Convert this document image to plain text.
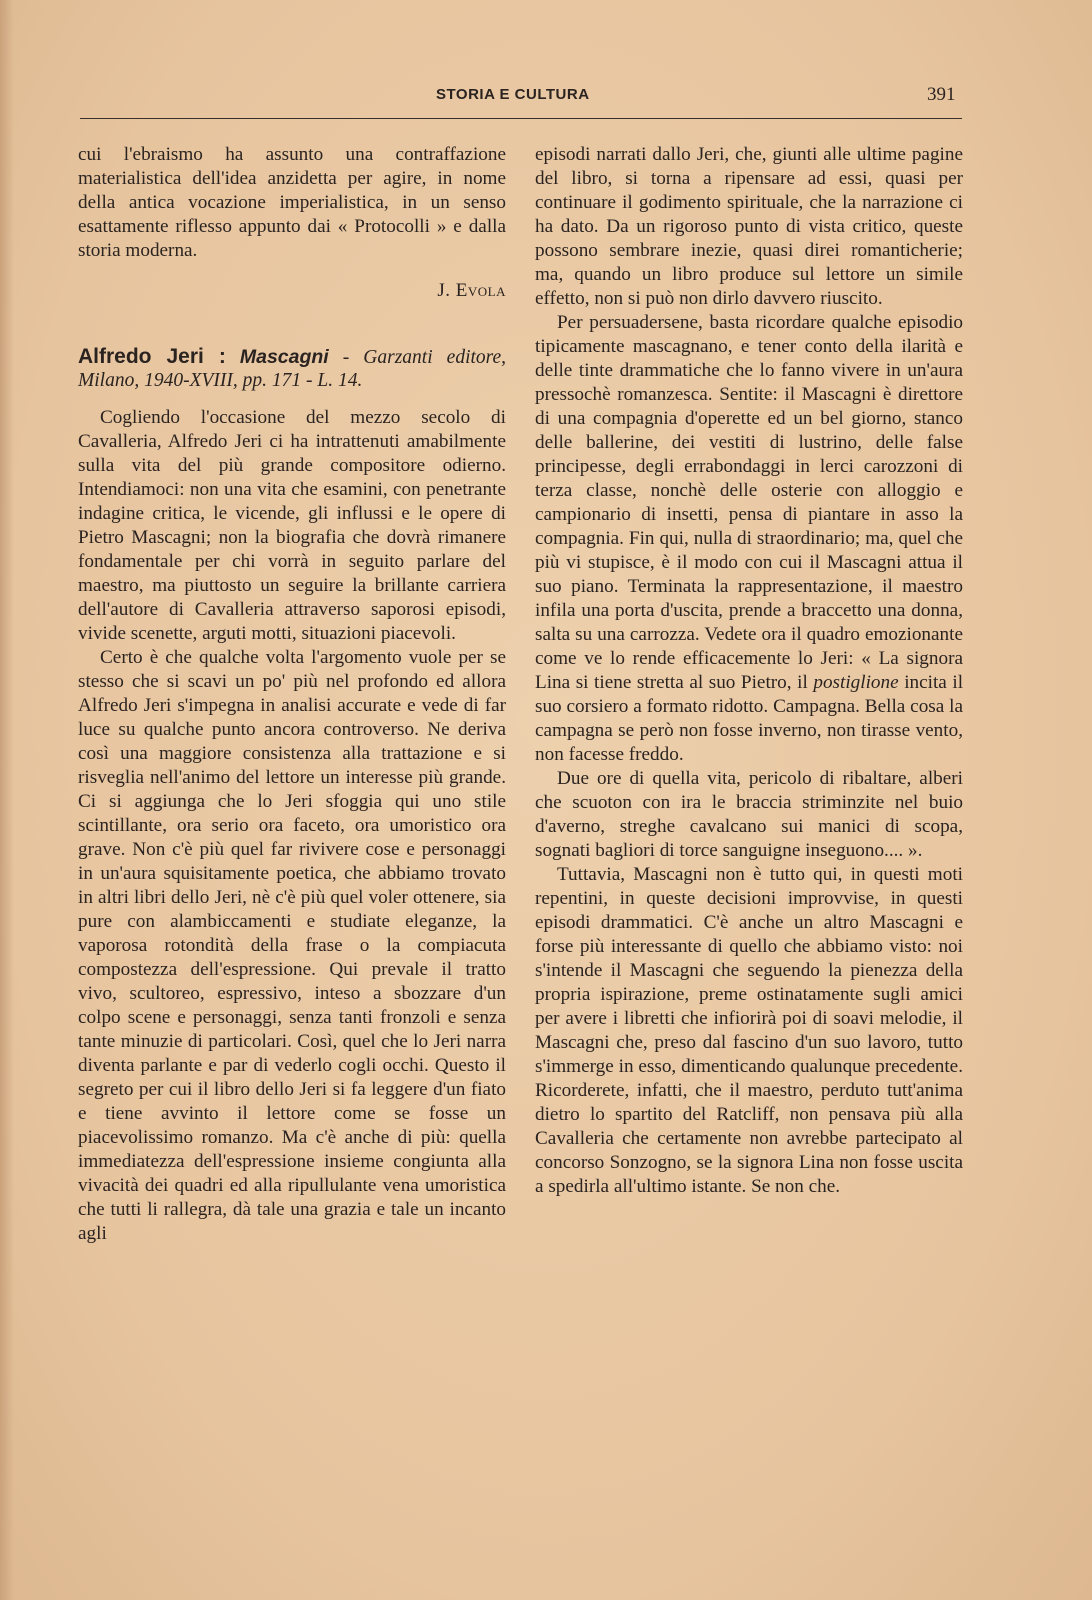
STORIA E CULTURA	391

cui l'ebraismo ha assunto una contraffazione materialistica dell'idea anzidetta per agire, in nome della antica vocazione imperialistica, in un senso esattamente riflesso appunto dai « Protocolli » e dalla storia moderna.

J. Evola

Alfredo Jeri : Mascagni - Garzanti editore, Milano, 1940-XVIII, pp. 171 - L. 14.

Cogliendo l'occasione del mezzo secolo di Cavalleria, Alfredo Jeri ci ha intrattenuti amabilmente sulla vita del più grande compositore odierno. Intendiamoci: non una vita che esamini, con penetrante indagine critica, le vicende, gli influssi e le opere di Pietro Mascagni; non la biografia che dovrà rimanere fondamentale per chi vorrà in seguito parlare del maestro, ma piuttosto un seguire la brillante carriera dell'autore di Cavalleria attraverso saporosi episodi, vivide scenette, arguti motti, situazioni piacevoli.

Certo è che qualche volta l'argomento vuole per se stesso che si scavi un po' più nel profondo ed allora Alfredo Jeri s'impegna in analisi accurate e vede di far luce su qualche punto ancora controverso. Ne deriva così una maggiore consistenza alla trattazione e si risveglia nell'animo del lettore un interesse più grande. Ci si aggiunga che lo Jeri sfoggia qui uno stile scintillante, ora serio ora faceto, ora umoristico ora grave. Non c'è più quel far rivivere cose e personaggi in un'aura squisitamente poetica, che abbiamo trovato in altri libri dello Jeri, nè c'è più quel voler ottenere, sia pure con alambiccamenti e studiate eleganze, la vaporosa rotondità della frase o la compiacuta compostezza dell'espressione. Qui prevale il tratto vivo, scultoreo, espressivo, inteso a sbozzare d'un colpo scene e personaggi, senza tanti fronzoli e senza tante minuzie di particolari. Così, quel che lo Jeri narra diventa parlante e par di vederlo cogli occhi. Questo il segreto per cui il libro dello Jeri si fa leggere d'un fiato e tiene avvinto il lettore come se fosse un piacevolissimo romanzo. Ma c'è anche di più: quella immediatezza dell'espressione insieme congiunta alla vivacità dei quadri ed alla ripullulante vena umoristica che tutti li rallegra, dà tale una grazia e tale un incanto agli

episodi narrati dallo Jeri, che, giunti alle ultime pagine del libro, si torna a ripensare ad essi, quasi per continuare il godimento spirituale, che la narrazione ci ha dato. Da un rigoroso punto di vista critico, queste possono sembrare inezie, quasi direi romanticherie; ma, quando un libro produce sul lettore un simile effetto, non si può non dirlo davvero riuscito.

Per persuadersene, basta ricordare qualche episodio tipicamente mascagnano, e tener conto della ilarità e delle tinte drammatiche che lo fanno vivere in un'aura pressochè romanzesca. Sentite: il Mascagni è direttore di una compagnia d'operette ed un bel giorno, stanco delle ballerine, dei vestiti di lustrino, delle false principesse, degli errabondaggi in lerci carozzoni di terza classe, nonchè delle osterie con alloggio e campionario di insetti, pensa di piantare in asso la compagnia. Fin qui, nulla di straordinario; ma, quel che più vi stupisce, è il modo con cui il Mascagni attua il suo piano. Terminata la rappresentazione, il maestro infila una porta d'uscita, prende a braccetto una donna, salta su una carrozza. Vedete ora il quadro emozionante come ve lo rende efficacemente lo Jeri: « La signora Lina si tiene stretta al suo Pietro, il postiglione incita il suo corsiero a formato ridotto. Campagna. Bella cosa la campagna se però non fosse inverno, non tirasse vento, non facesse freddo.

Due ore di quella vita, pericolo di ribaltare, alberi che scuoton con ira le braccia striminzite nel buio d'averno, streghe cavalcano sui manici di scopa, sognati bagliori di torce sanguigne inseguono.... ».

Tuttavia, Mascagni non è tutto qui, in questi moti repentini, in queste decisioni improvvise, in questi episodi drammatici. C'è anche un altro Mascagni e forse più interessante di quello che abbiamo visto: noi s'intende il Mascagni che seguendo la pienezza della propria ispirazione, preme ostinatamente sugli amici per avere i libretti che infiorirà poi di soavi melodie, il Mascagni che, preso dal fascino d'un suo lavoro, tutto s'immerge in esso, dimenticando qualunque precedente. Ricorderete, infatti, che il maestro, perduto tutt'anima dietro lo spartito del Ratcliff, non pensava più alla Cavalleria che certamente non avrebbe partecipato al concorso Sonzogno, se la signora Lina non fosse uscita a spedirla all'ultimo istante. Se non che.
